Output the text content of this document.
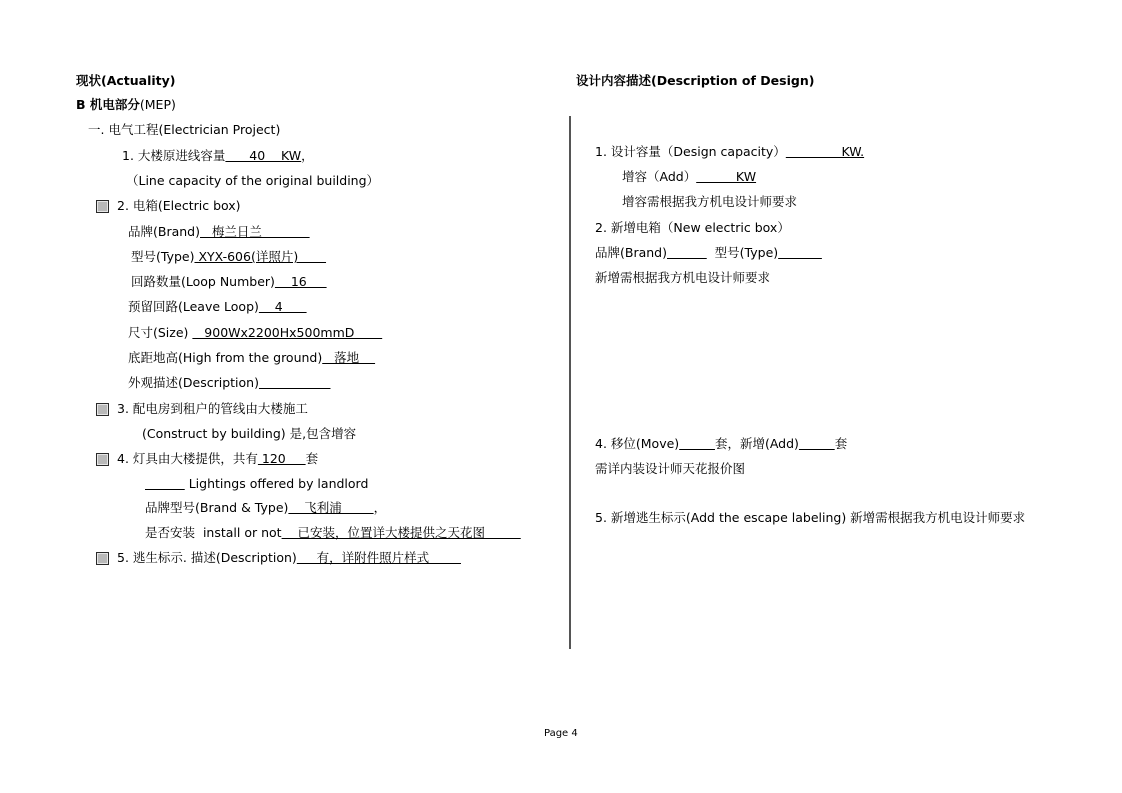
现状(Actuality)
B 机电部分(MEP)
一. 电气工程(Electrician Project)
1. 大楼原进线容量      40    KW，
（Line capacity of the original building）
2. 电箱(Electric box)
品牌(Brand)   梅兰日兰
型号(Type) XYX-606(详照片)
回路数量(Loop Number)    16
预留回路(Leave Loop)    4
尺寸(Size)    900Wx2200Hx500mmD
底距地高(High from the ground)   落地
外观描述(Description)
3. 配电房到租户的管线由大楼施工
(Construct by building) 是,包含增容
4. 灯具由大楼提供，共有 120     套
Lightings offered by landlord
品牌型号(Brand & Type)    飞利浦        ，
是否安装  install or not    已安装，位置详大楼提供之天花图
5. 逃生标示. 描述(Description)     有，详附件照片样式
设计内容描述(Description of Design)
1. 设计容量（Design capacity）              KW.
增容（Add）          KW
增容需根据我方机电设计师要求
2. 新增电箱（New electric box）
品牌(Brand)	型号(Type)
新增需根据我方机电设计师要求
4. 移位(Move)	套，新增(Add)	套
需详内装设计师天花报价图
5. 新增逃生标示(Add the escape labeling) 新增需根据我方机电设计师要求
Page 4
